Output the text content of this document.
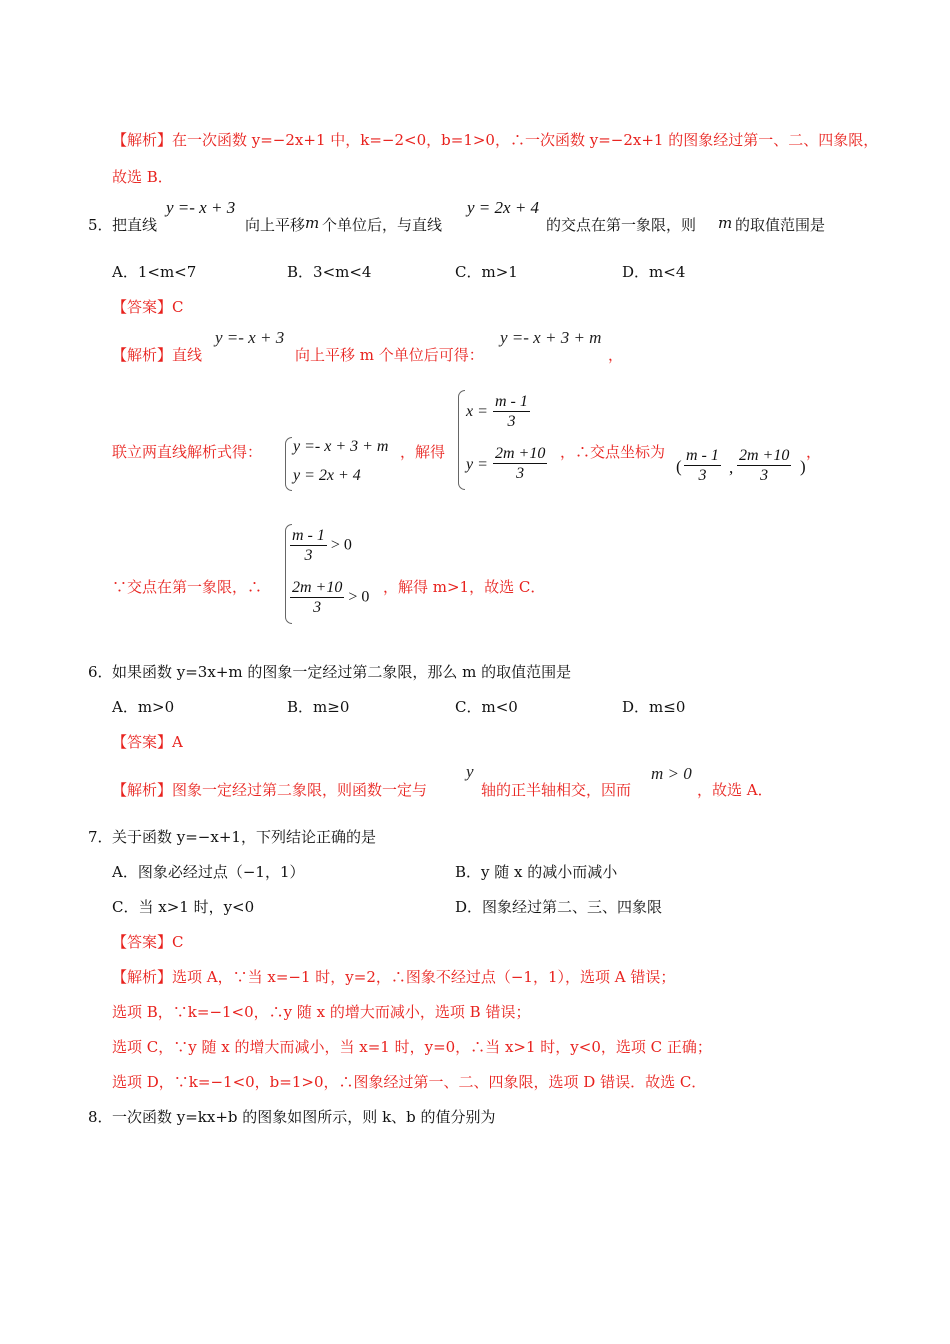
【解析】在一次函数 y=−2x+1 中，k=−2<0，b=1>0，∴一次函数 y=−2x+1 的图象经过第一、二、四象限，
故选 B．
5． 把直线
y =- x + 3
向上平移 m 个单位后，与直线
y = 2x + 4
的交点在第一象限，则 m 的取值范围是
A．1<m<7	B．3<m<4	C．m>1	D．m<4
【答案】C
【解析】直线
y =- x + 3
向上平移 m 个单位后可得：
y =- x + 3 + m
，
联立两直线解析式得： y =- x + 3 + m
y = 2x + 4
，解得
$x = \frac{m - 1}{3}$
$y = \frac{2m +10}{3}$ ，∴交点坐标为
( $\frac{m - 1}{3}$ , $\frac{2m +10}{3}$ )
，
∵交点在第一象限，∴
$\frac{m - 1}{3} > 0$
$\frac{2m +10}{3} > 0$
，解得 m>1，故选 C．
6． 如果函数 y=3x+m 的图象一定经过第二象限，那么 m 的取值范围是
A．m>0	B．m≥0	C．m<0	D．m≤0
【答案】A
【解析】图象一定经过第二象限，则函数一定与
y
轴的正半轴相交，因而
m > 0
，故选 A．
7． 关于函数 y=−x+1，下列结论正确的是
A．图象必经过点（−1，1）	B．y 随 x 的减小而减小
C．当 x>1 时，y<0	D．图象经过第二、三、四象限
【答案】C
【解析】选项 A，∵当 x=−1 时，y=2，∴图象不经过点（−1，1），选项 A 错误；
选项 B，∵k=−1<0，∴y 随 x 的增大而减小，选项 B 错误；
选项 C，∵y 随 x 的增大而减小，当 x=1 时，y=0，∴当 x>1 时，y<0，选项 C 正确；
选项 D，∵k=−1<0，b=1>0，∴图象经过第一、二、四象限，选项 D 错误．故选 C．
8． 一次函数 y=kx+b 的图象如图所示，则 k、b 的值分别为
